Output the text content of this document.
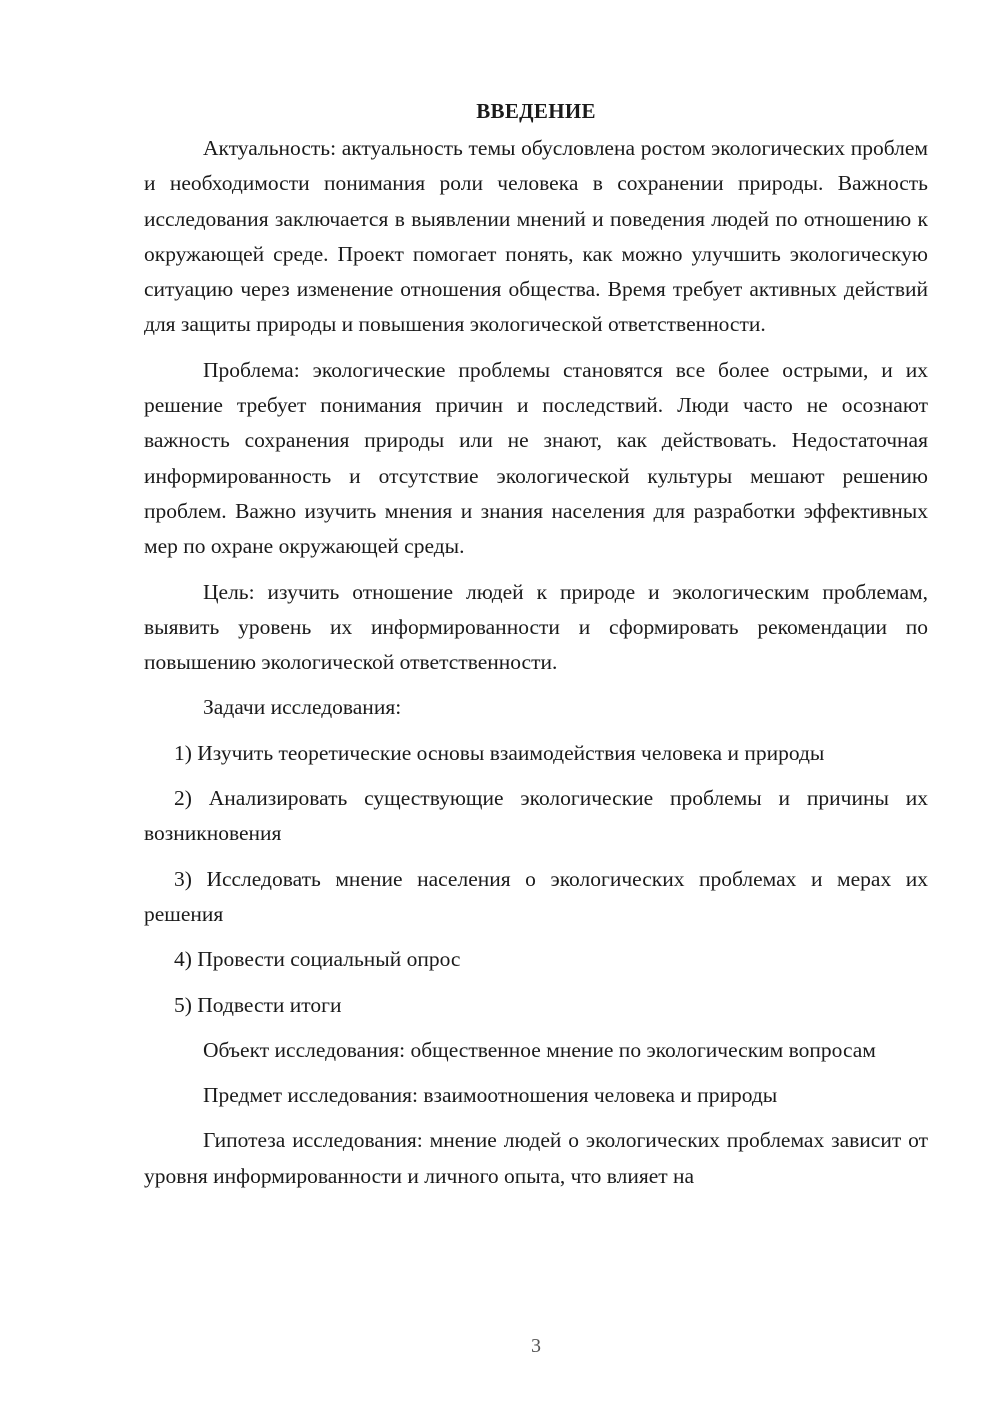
ВВЕДЕНИЕ

Актуальность: актуальность темы обусловлена ростом экологических проблем и необходимости понимания роли человека в сохранении природы. Важность исследования заключается в выявлении мнений и поведения людей по отношению к окружающей среде. Проект помогает понять, как можно улучшить экологическую ситуацию через изменение отношения общества. Время требует активных действий для защиты природы и повышения экологической ответственности.

Проблема: экологические проблемы становятся все более острыми, и их решение требует понимания причин и последствий. Люди часто не осознают важность сохранения природы или не знают, как действовать. Недостаточная информированность и отсутствие экологической культуры мешают решению проблем. Важно изучить мнения и знания населения для разработки эффективных мер по охране окружающей среды.

Цель: изучить отношение людей к природе и экологическим проблемам, выявить уровень их информированности и сформировать рекомендации по повышению экологической ответственности.

Задачи исследования:

1) Изучить теоретические основы взаимодействия человека и природы

2) Анализировать существующие экологические проблемы и причины их возникновения

3) Исследовать мнение населения о экологических проблемах и мерах их решения

4) Провести социальный опрос

5) Подвести итоги

Объект исследования: общественное мнение по экологическим вопросам

Предмет исследования: взаимоотношения человека и природы

Гипотеза исследования: мнение людей о экологических проблемах зависит от уровня информированности и личного опыта, что влияет на

3
